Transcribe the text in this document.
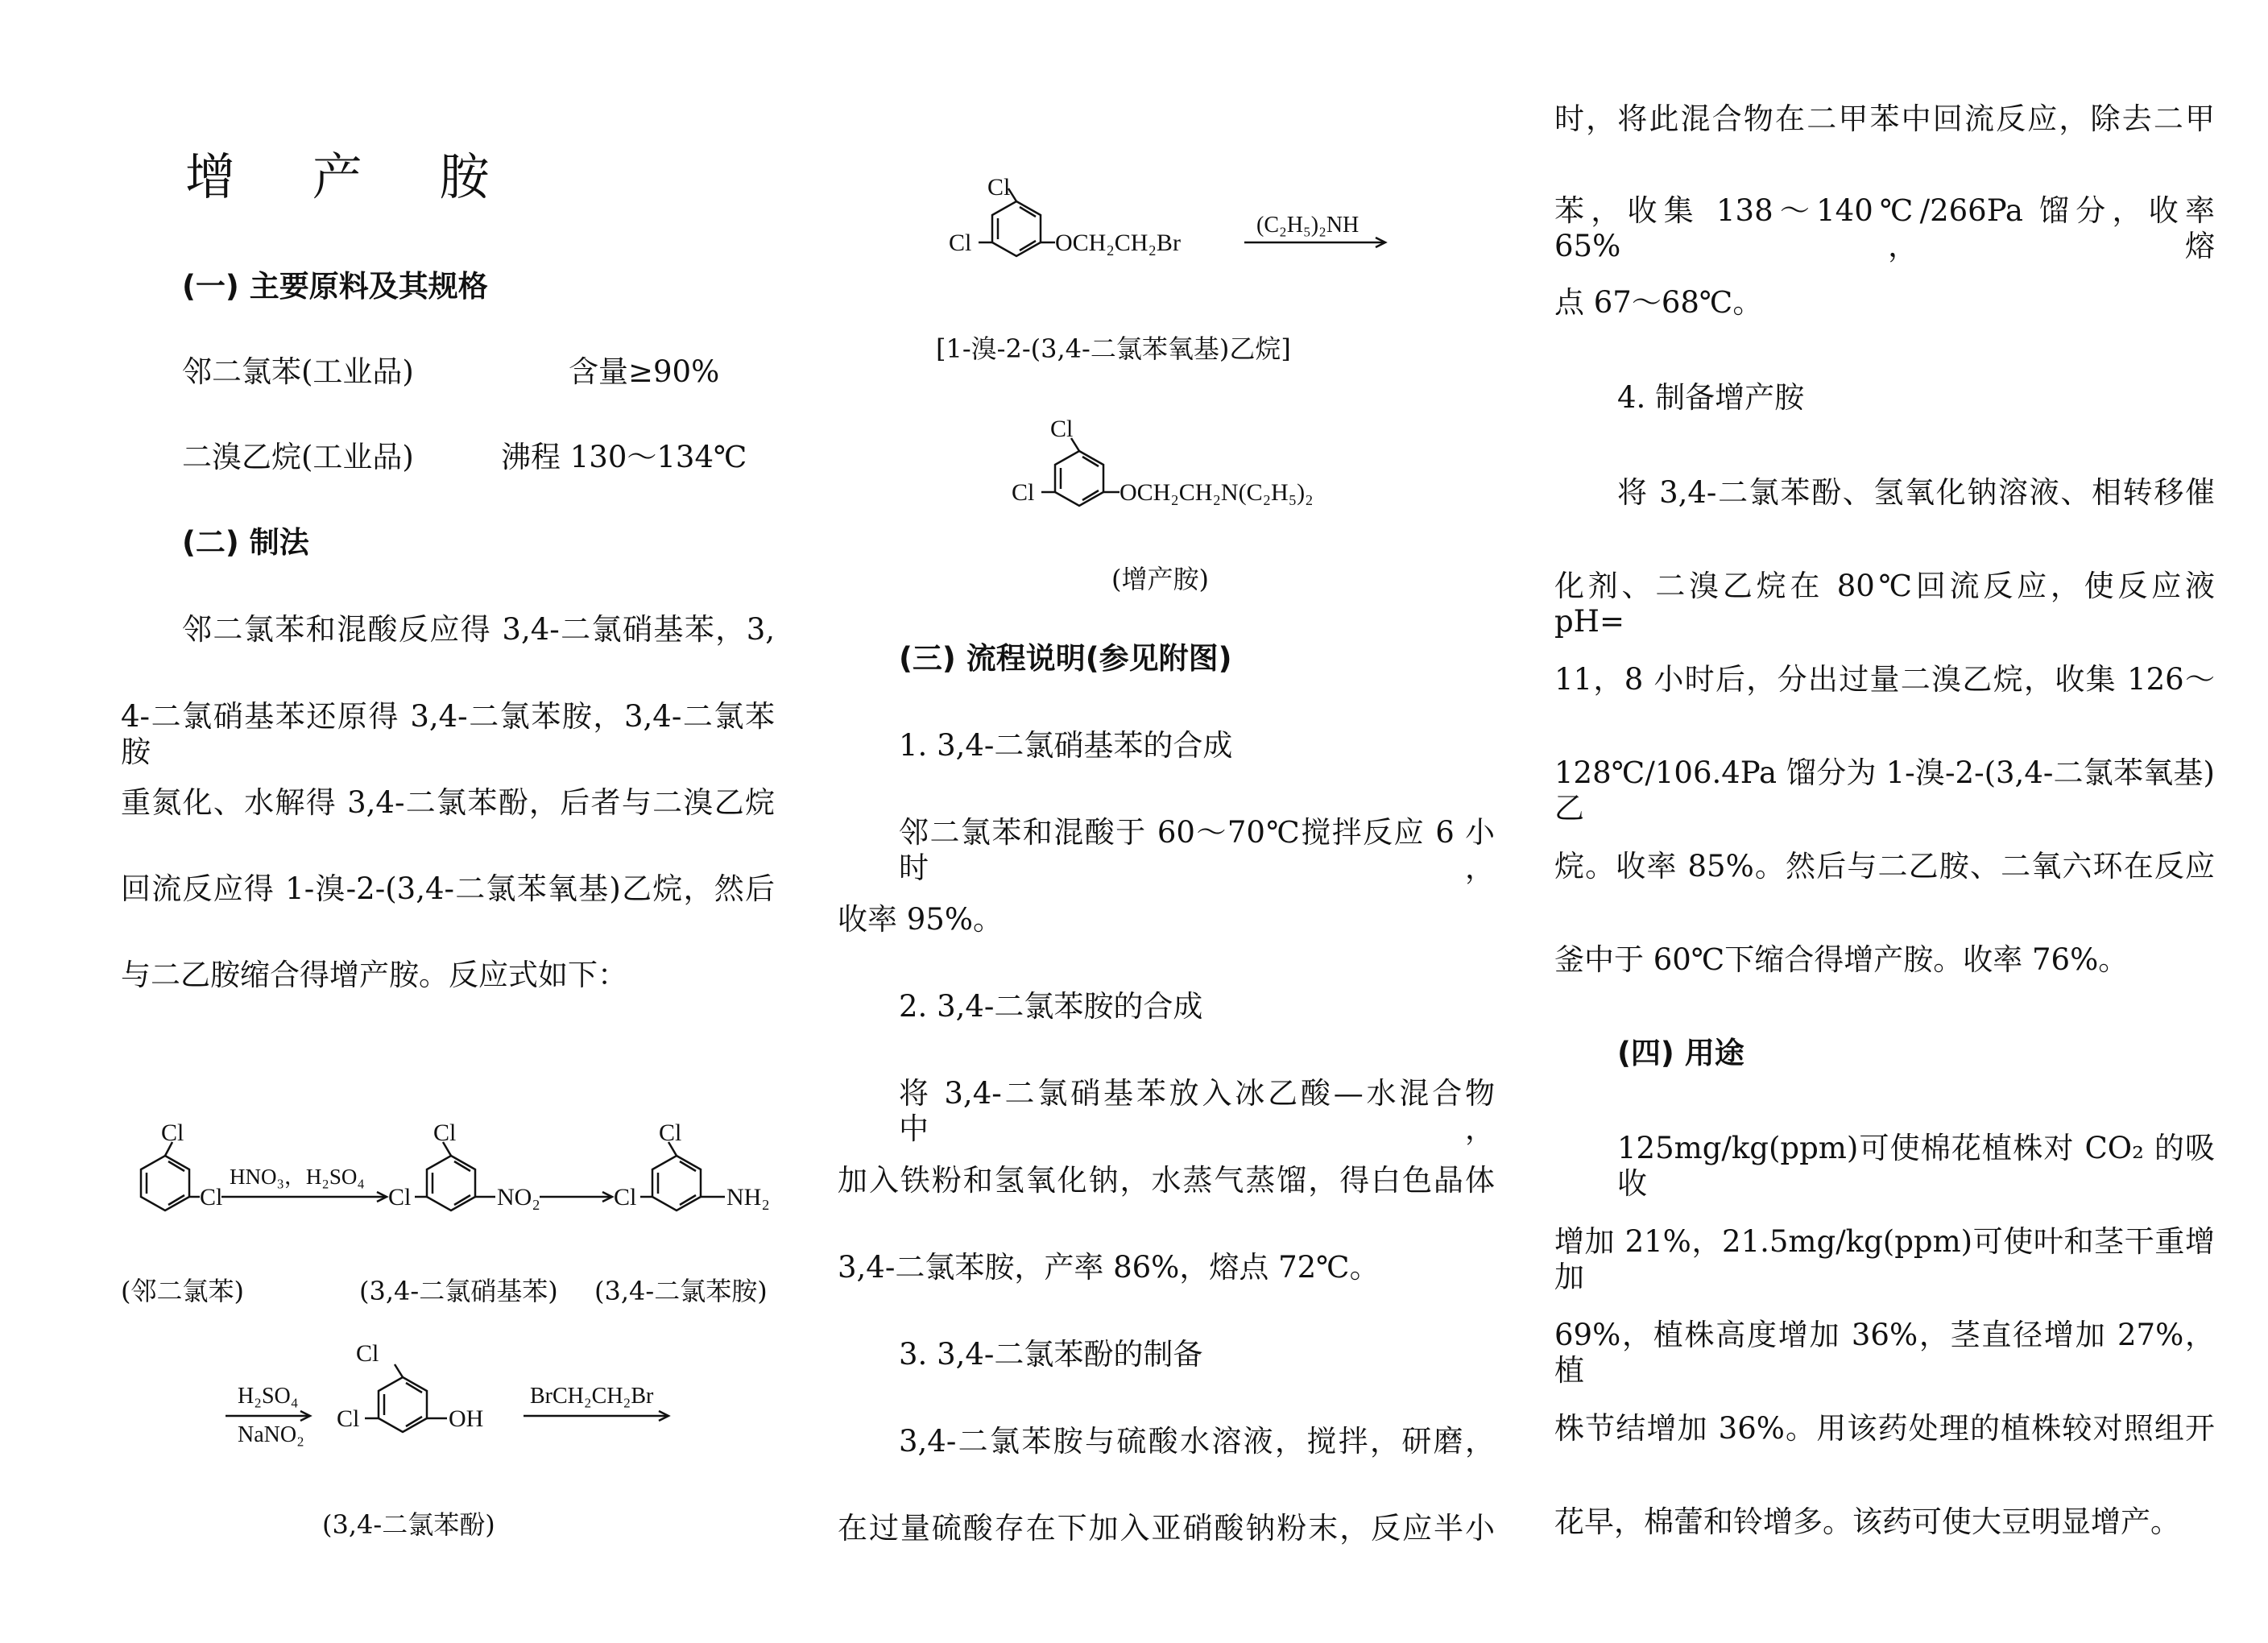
增 产 胺
(一) 主要原料及其规格
邻二氯苯(工业品)	含量≥90%
二溴乙烷(工业品)	沸程 130～134℃
(二) 制法
邻二氯苯和混酸反应得 3,4-二氯硝基苯，3,
4-二氯硝基苯还原得 3,4-二氯苯胺，3,4-二氯苯胺
重氮化、水解得 3,4-二氯苯酚，后者与二溴乙烷
回流反应得 1-溴-2-(3,4-二氯苯氧基)乙烷，然后
与二乙胺缩合得增产胺。反应式如下：
Cl
Cl
HNO₃，H₂SO₄
Cl
Cl	NO₂
Cl
Cl	NH₂
(邻二氯苯)	(3,4-二氯硝基苯) (3,4-二氯苯胺)
H₂SO₄
NaNO₂
Cl
Cl	OH
BrCH₂CH₂Br
(3,4-二氯苯酚)
Cl
Cl	OCH₂CH₂Br
(C₂H₅)₂NH
[1-溴-2-(3,4-二氯苯氧基)乙烷]
Cl
Cl	OCH₂CH₂N(C₂H₅)₂
(增产胺)
(三) 流程说明(参见附图)
1. 3,4-二氯硝基苯的合成
邻二氯苯和混酸于 60～70℃搅拌反应 6 小时，
收率 95%。
2. 3,4-二氯苯胺的合成
将 3,4-二氯硝基苯放入冰乙酸—水混合物中，
加入铁粉和氢氧化钠，水蒸气蒸馏，得白色晶体
3,4-二氯苯胺，产率 86%，熔点 72℃。
3. 3,4-二氯苯酚的制备
3,4-二氯苯胺与硫酸水溶液，搅拌，研磨，
在过量硫酸存在下加入亚硝酸钠粉末，反应半小
时，将此混合物在二甲苯中回流反应，除去二甲
苯，收集 138～140℃/266Pa 馏分，收率 65%，熔
点 67～68℃。
4. 制备增产胺
将 3,4-二氯苯酚、氢氧化钠溶液、相转移催
化剂、二溴乙烷在 80℃回流反应，使反应液 pH=
11，8 小时后，分出过量二溴乙烷，收集 126～
128℃/106.4Pa 馏分为 1-溴-2-(3,4-二氯苯氧基)乙
烷。收率 85%。然后与二乙胺、二氧六环在反应
釜中于 60℃下缩合得增产胺。收率 76%。
(四) 用途
125mg/kg(ppm)可使棉花植株对 CO₂ 的吸收
增加 21%，21.5mg/kg(ppm)可使叶和茎干重增加
69%，植株高度增加 36%，茎直径增加 27%，植
株节结增加 36%。用该药处理的植株较对照组开
花早，棉蕾和铃增多。该药可使大豆明显增产。
